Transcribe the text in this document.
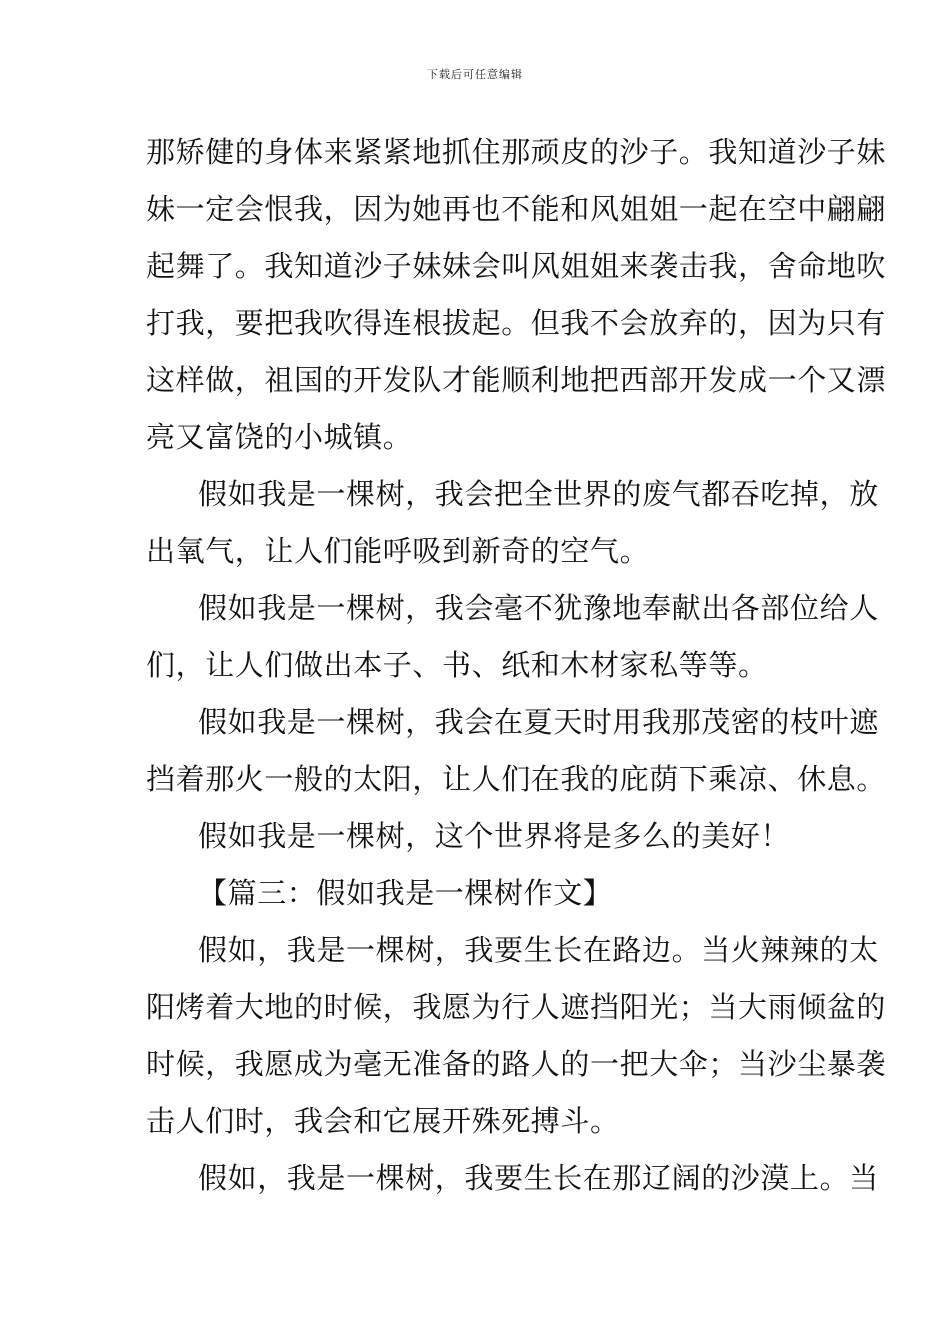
下载后可任意编辑
那矫健的身体来紧紧地抓住那顽皮的沙子。我知道沙子妹
妹一定会恨我，因为她再也不能和风姐姐一起在空中翩翩
起舞了。我知道沙子妹妹会叫风姐姐来袭击我，舍命地吹
打我，要把我吹得连根拔起。但我不会放弃的，因为只有
这样做，祖国的开发队才能顺利地把西部开发成一个又漂
亮又富饶的小城镇。
假如我是一棵树，我会把全世界的废气都吞吃掉，放
出氧气，让人们能呼吸到新奇的空气。
假如我是一棵树，我会毫不犹豫地奉献出各部位给人
们，让人们做出本子、书、纸和木材家私等等。
假如我是一棵树，我会在夏天时用我那茂密的枝叶遮
挡着那火一般的太阳，让人们在我的庇荫下乘凉、休息。
假如我是一棵树，这个世界将是多么的美好！
【篇三：假如我是一棵树作文】
假如，我是一棵树，我要生长在路边。当火辣辣的太
阳烤着大地的时候，我愿为行人遮挡阳光；当大雨倾盆的
时候，我愿成为毫无准备的路人的一把大伞；当沙尘暴袭
击人们时，我会和它展开殊死搏斗。
假如，我是一棵树，我要生长在那辽阔的沙漠上。当
